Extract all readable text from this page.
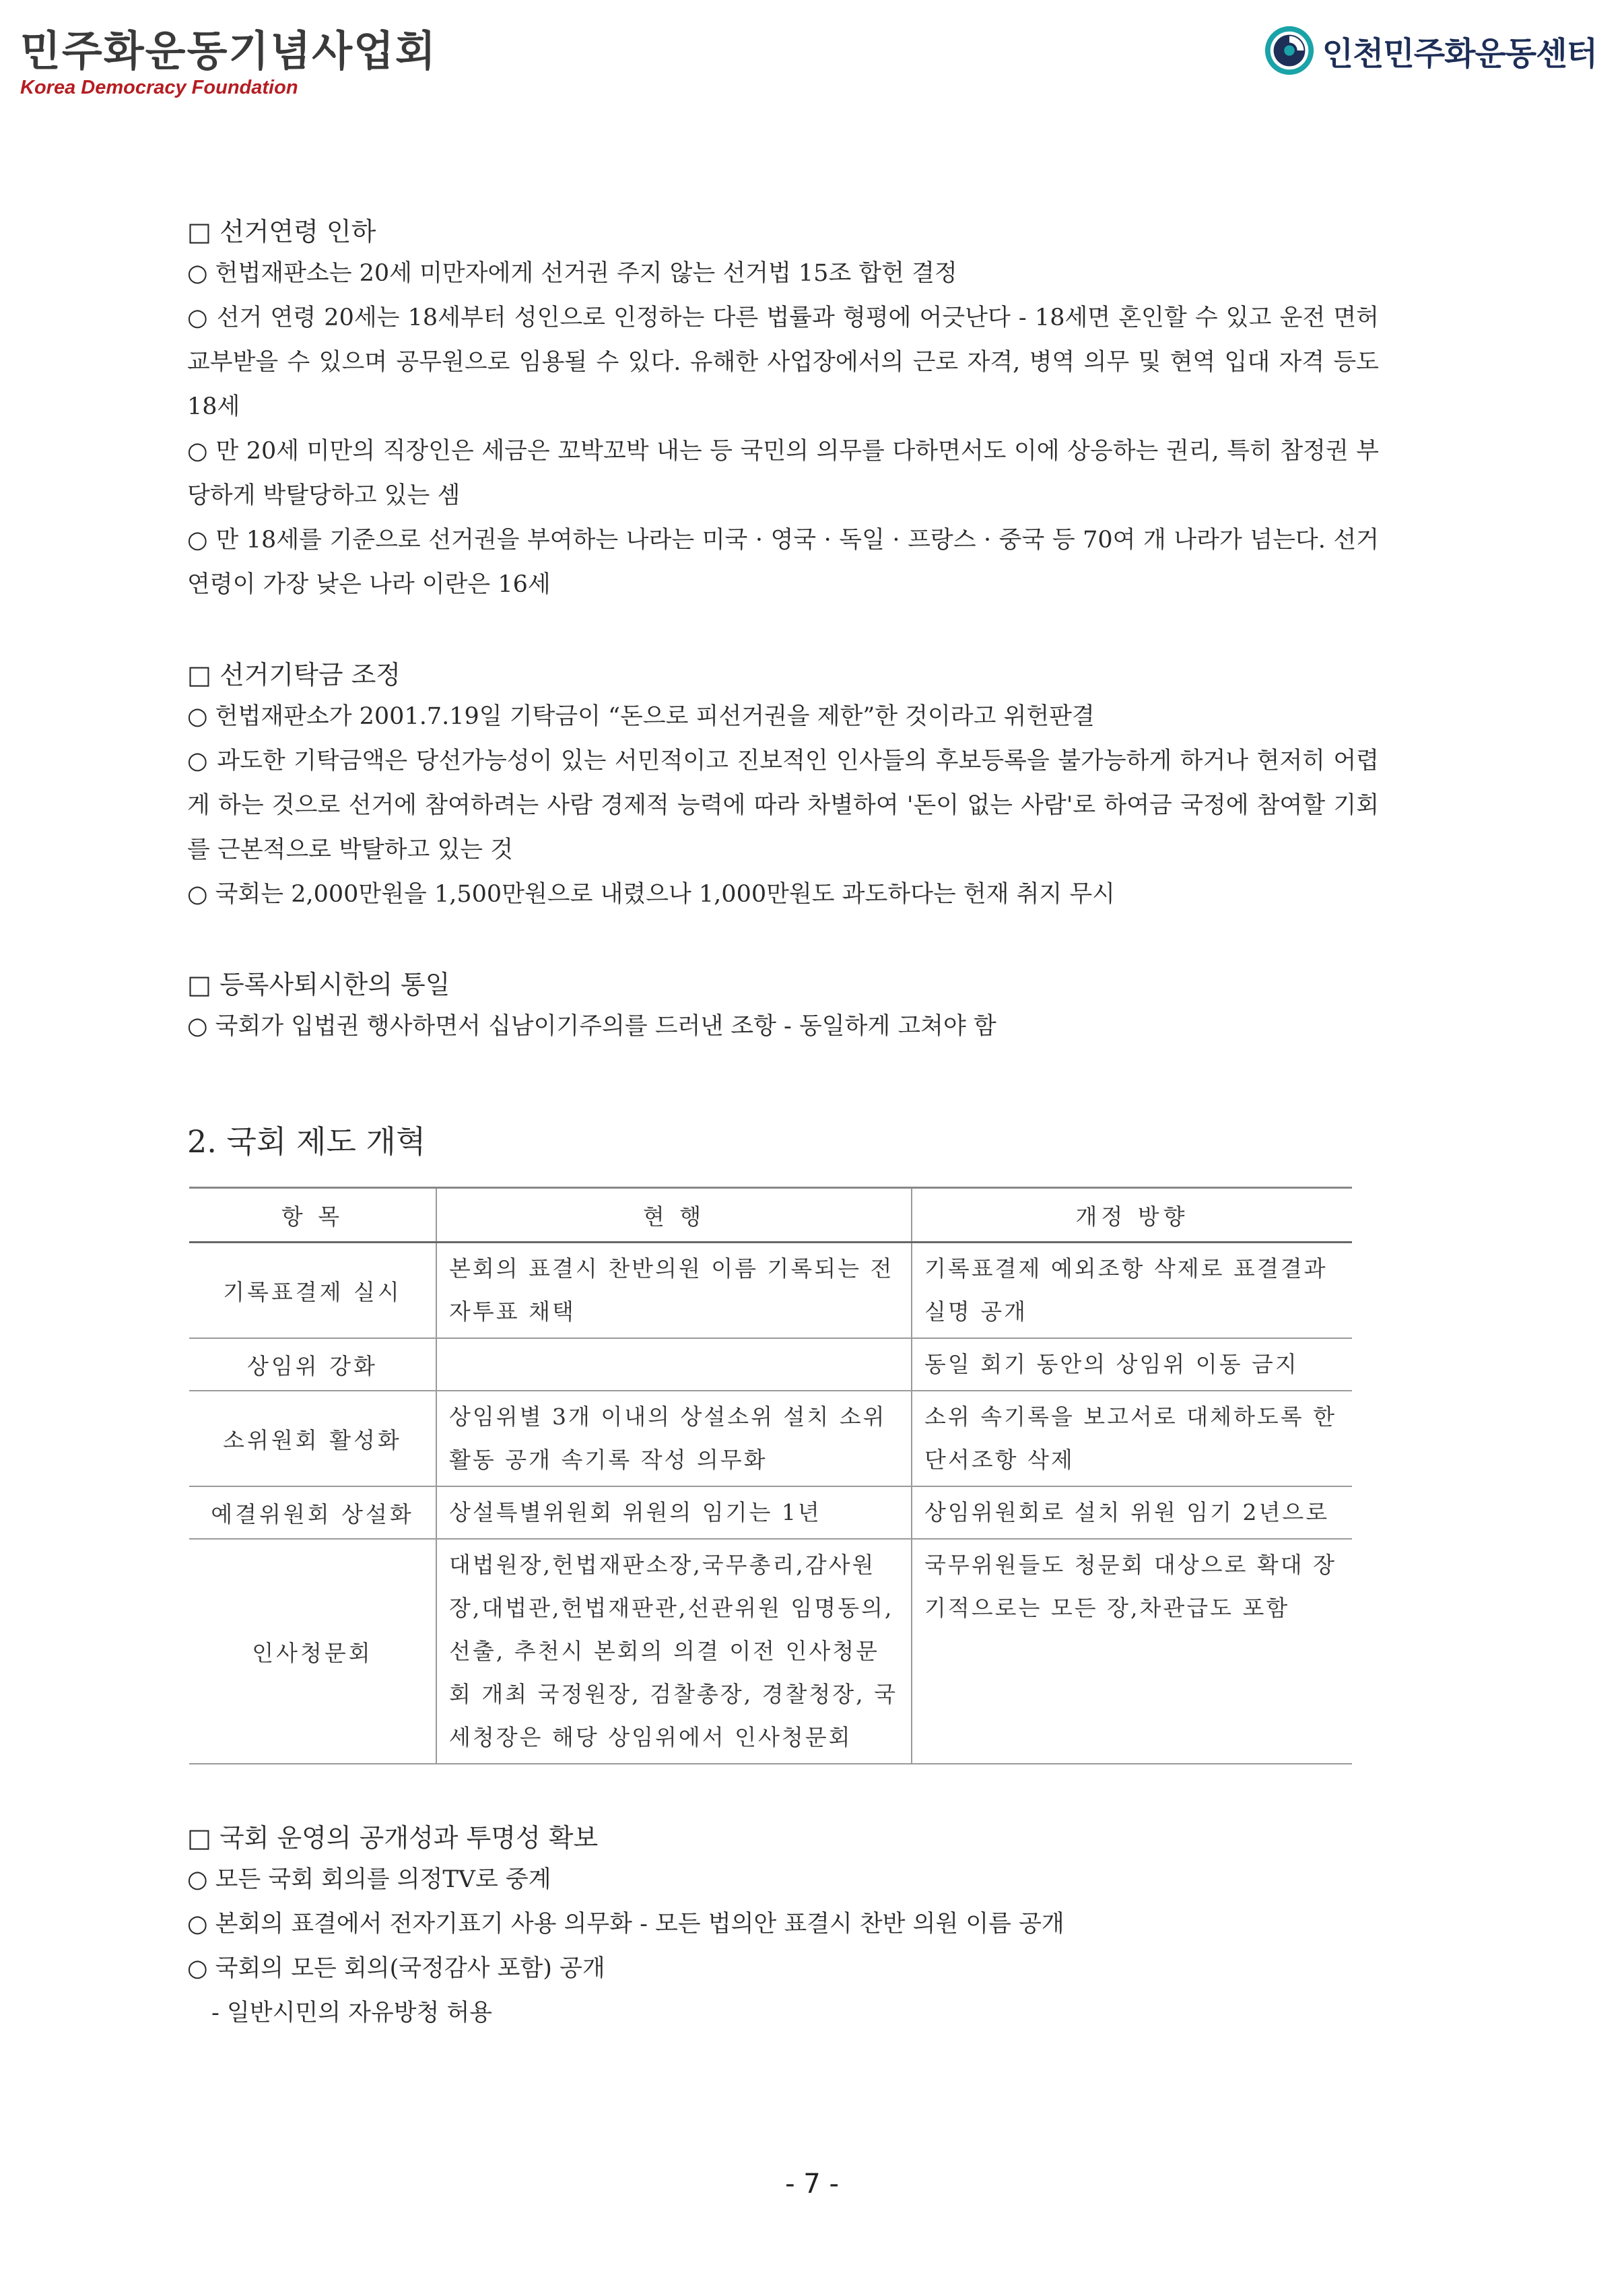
민주화운동기념사업회
Korea Democracy Foundation
인천민주화운동센터

□ 선거연령 인하

○ 헌법재판소는 20세 미만자에게 선거권 주지 않는 선거법 15조 합헌 결정

○ 선거 연령 20세는 18세부터 성인으로 인정하는 다른 법률과 형평에 어긋난다 - 18세면 혼인할 수 있고 운전 면허 교부받을 수 있으며 공무원으로 임용될 수 있다. 유해한 사업장에서의 근로 자격, 병역 의무 및 현역 입대 자격 등도 18세

○ 만 20세 미만의 직장인은 세금은 꼬박꼬박 내는 등 국민의 의무를 다하면서도 이에 상응하는 권리, 특히 참정권 부당하게 박탈당하고 있는 셈

○ 만 18세를 기준으로 선거권을 부여하는 나라는 미국 · 영국 · 독일 · 프랑스 · 중국 등 70여 개 나라가 넘는다. 선거연령이 가장 낮은 나라 이란은 16세

□ 선거기탁금 조정

○ 헌법재판소가 2001.7.19일 기탁금이 “돈으로 피선거권을 제한”한 것이라고 위헌판결

○ 과도한 기탁금액은 당선가능성이 있는 서민적이고 진보적인 인사들의 후보등록을 불가능하게 하거나 현저히 어렵게 하는 것으로 선거에 참여하려는 사람 경제적 능력에 따라 차별하여 '돈이 없는 사람'로 하여금 국정에 참여할 기회를 근본적으로 박탈하고 있는 것

○ 국회는 2,000만원을 1,500만원으로 내렸으나 1,000만원도 과도하다는 헌재 취지 무시

□ 등록사퇴시한의 통일

○ 국회가 입법권 행사하면서 십남이기주의를 드러낸 조항 - 동일하게 고쳐야 함

2. 국회 제도 개혁
항 목	현 행	개정 방향
기록표결제 실시	본회의 표결시 찬반의원 이름 기록되는 전자투표 채택	기록표결제 예외조항 삭제로 표결결과 실명 공개
상임위 강화		동일 회기 동안의 상임위 이동 금지
소위원회 활성화	상임위별 3개 이내의 상설소위 설치 소위 활동 공개 속기록 작성 의무화	소위 속기록을 보고서로 대체하도록 한 단서조항 삭제
예결위원회 상설화	상설특별위원회 위원의 임기는 1년	상임위원회로 설치 위원 임기 2년으로
인사청문회	대법원장,헌법재판소장,국무총리,감사원장,대법관,헌법재판관,선관위원 임명동의, 선출, 추천시 본회의 의결 이전 인사청문회 개최 국정원장, 검찰총장, 경찰청장, 국세청장은 해당 상임위에서 인사청문회	국무위원들도 청문회 대상으로 확대 장기적으로는 모든 장,차관급도 포함

□ 국회 운영의 공개성과 투명성 확보

○ 모든 국회 회의를 의정TV로 중계

○ 본회의 표결에서 전자기표기 사용 의무화 - 모든 법의안 표결시 찬반 의원 이름 공개

○ 국회의 모든 회의(국정감사 포함) 공개

- 일반시민의 자유방청 허용

- 7 -
